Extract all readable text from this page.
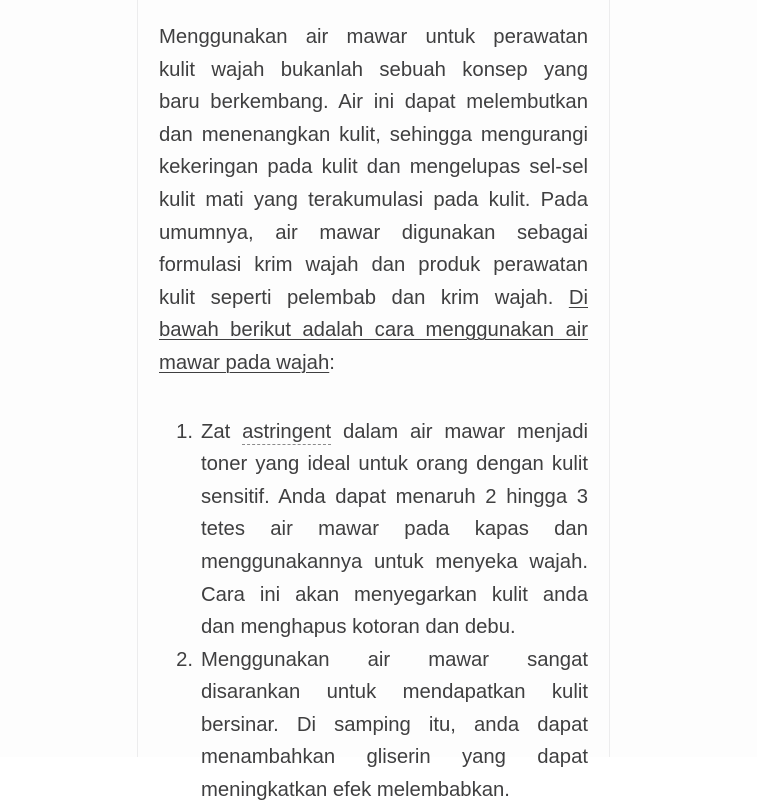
Menggunakan air mawar untuk perawatan
kulit wajah bukanlah sebuah konsep yang
baru berkembang. Air ini dapat melembutkan
dan menenangkan kulit, sehingga mengurangi
kekeringan pada kulit dan mengelupas sel-sel
kulit mati yang terakumulasi pada kulit. Pada
umumnya, air mawar digunakan sebagai
formulasi krim wajah dan produk perawatan
kulit seperti pelembab dan krim wajah. Di
bawah berikut adalah cara menggunakan air
mawar pada wajah:

1. Zat astringent dalam air mawar menjadi
toner yang ideal untuk orang dengan kulit
sensitif. Anda dapat menaruh 2 hingga 3
tetes air mawar pada kapas dan
menggunakannya untuk menyeka wajah.
Cara ini akan menyegarkan kulit anda
dan menghapus kotoran dan debu.
2. Menggunakan air mawar sangat
disarankan untuk mendapatkan kulit
bersinar. Di samping itu, anda dapat
menambahkan gliserin yang dapat
meningkatkan efek melembabkan.
